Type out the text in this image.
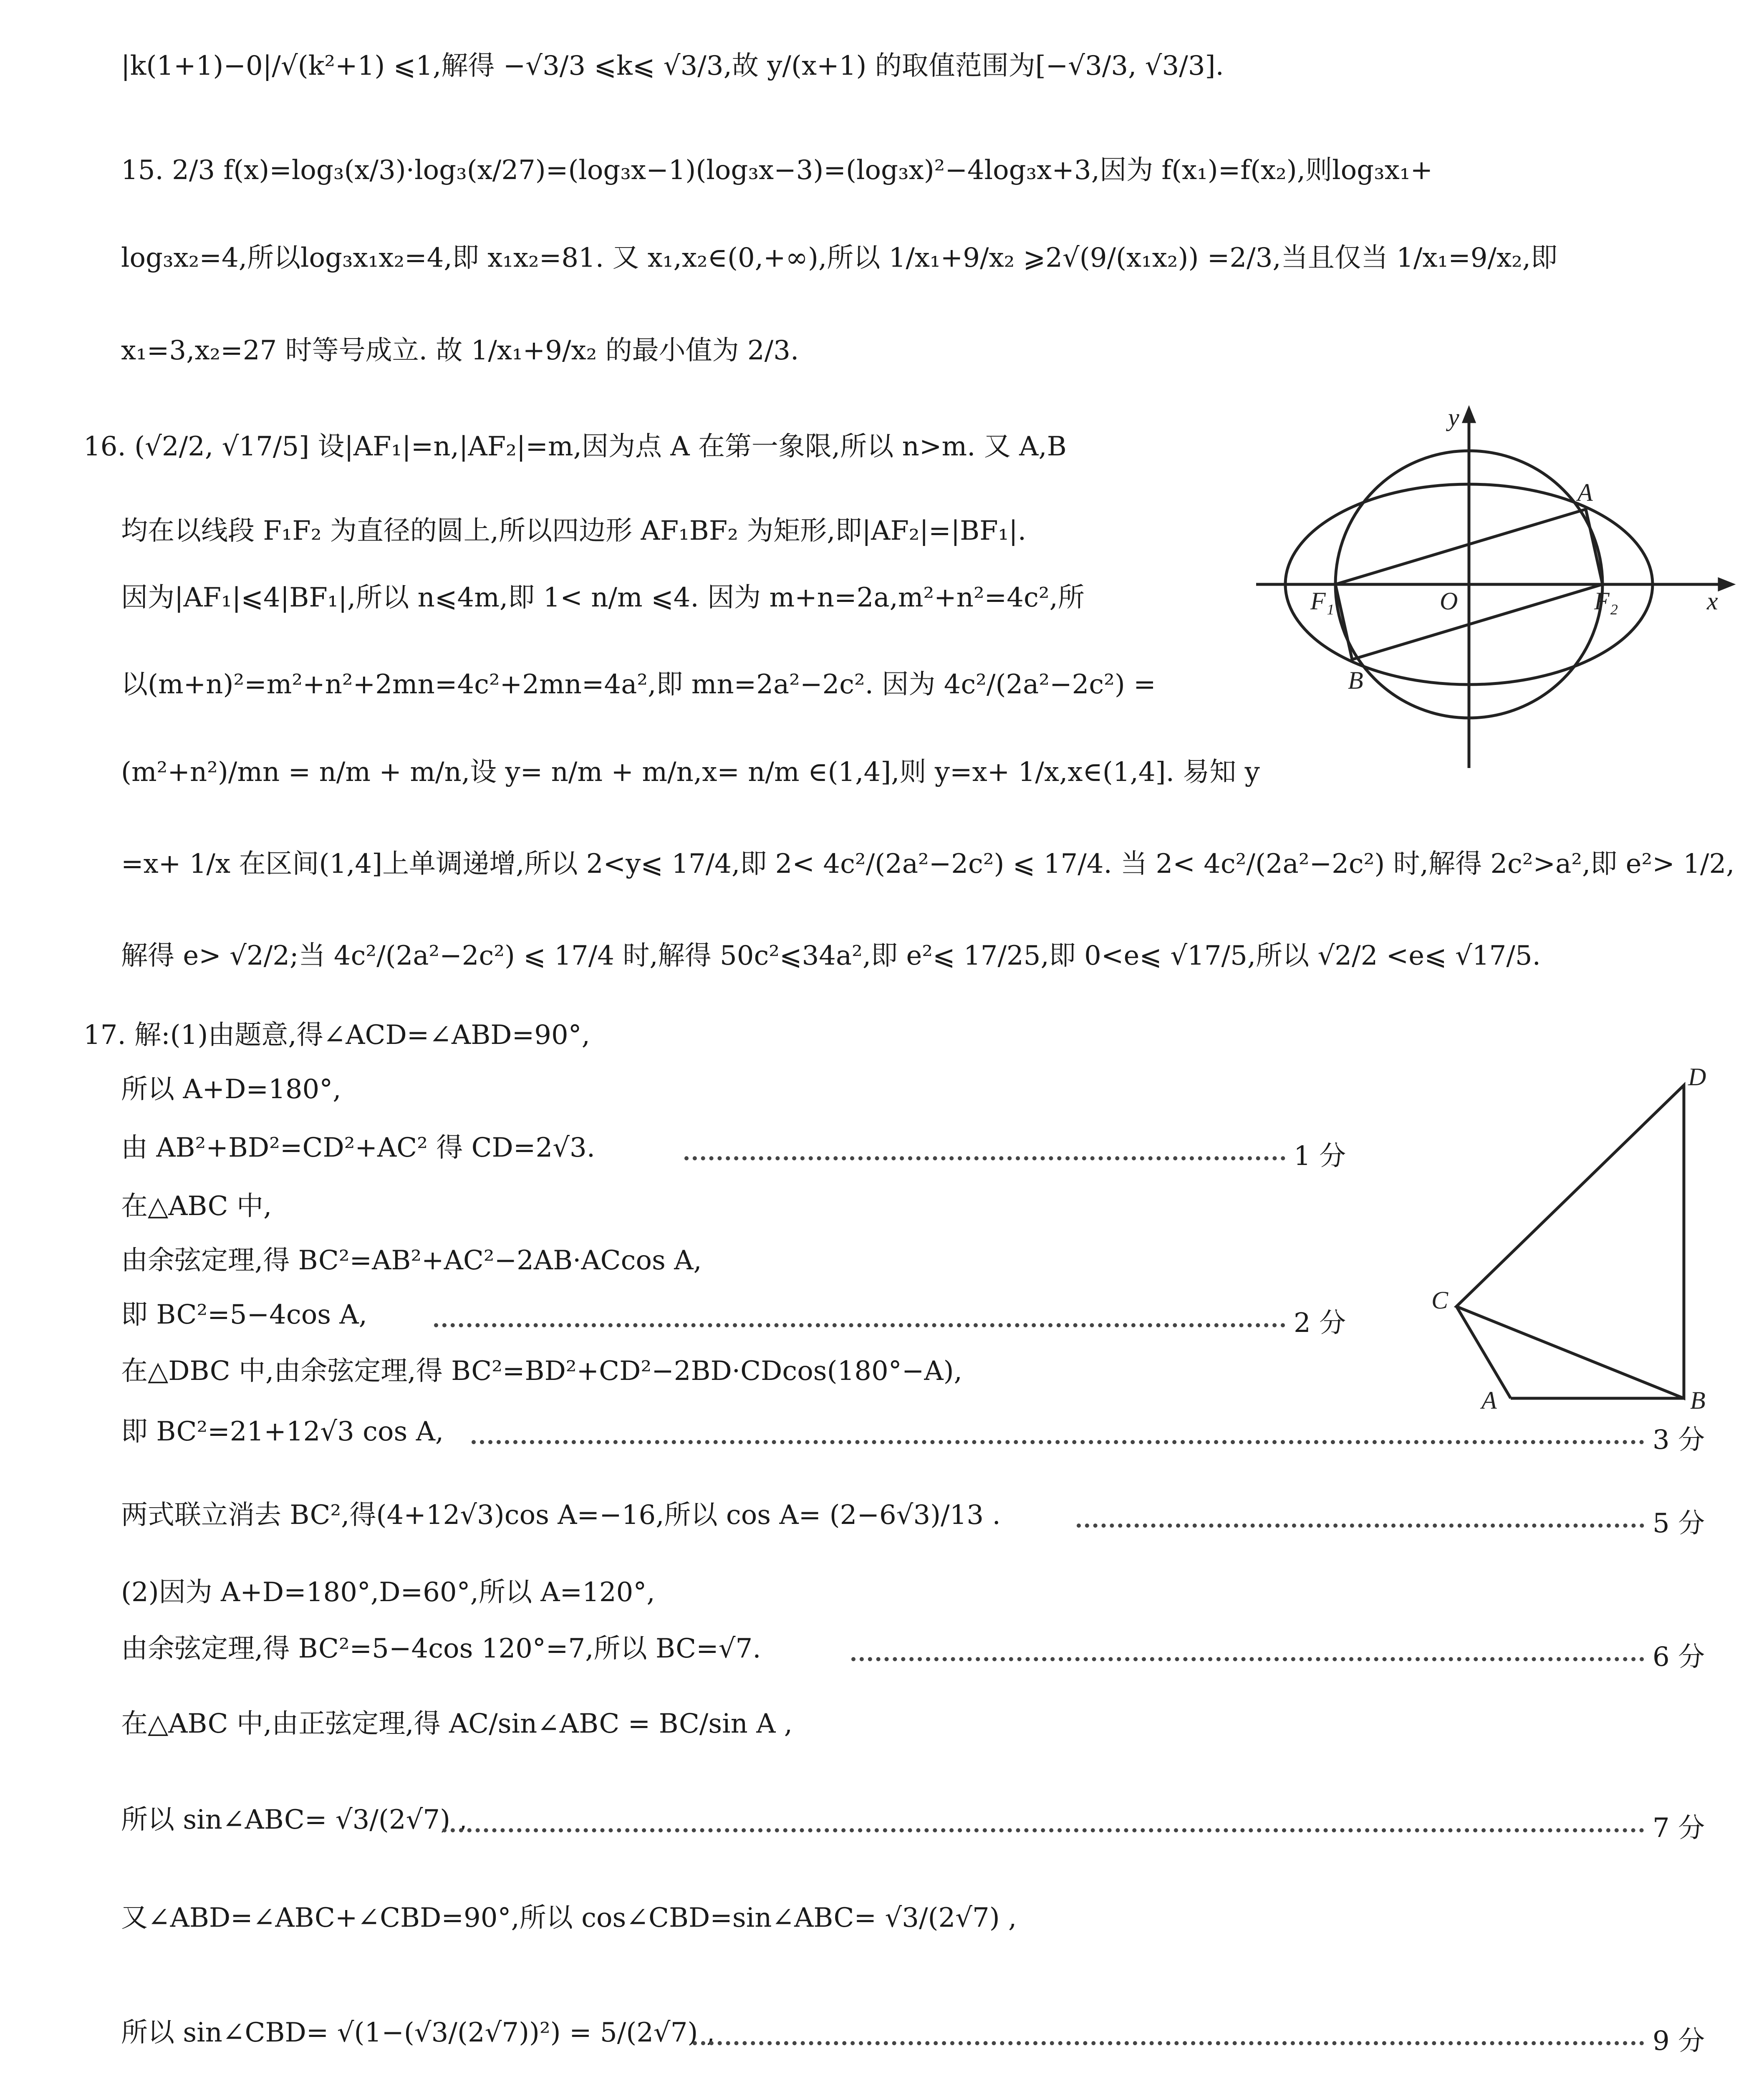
|k(1+1)−0|/√(k²+1) ⩽1,解得 −√3/3 ⩽k⩽ √3/3,故 y/(x+1) 的取值范围为[−√3/3, √3/3].
15. 2/3 f(x)=log₃(x/3)·log₃(x/27)=(log₃x−1)(log₃x−3)=(log₃x)²−4log₃x+3,因为 f(x₁)=f(x₂),则log₃x₁+
log₃x₂=4,所以log₃x₁x₂=4,即 x₁x₂=81. 又 x₁,x₂∈(0,+∞),所以 1/x₁+9/x₂ ⩾2√(9/(x₁x₂)) =2/3,当且仅当 1/x₁=9/x₂,即
x₁=3,x₂=27 时等号成立. 故 1/x₁+9/x₂ 的最小值为 2/3.
16. (√2/2, √17/5] 设|AF₁|=n,|AF₂|=m,因为点 A 在第一象限,所以 n>m. 又 A,B
均在以线段 F₁F₂ 为直径的圆上,所以四边形 AF₁BF₂ 为矩形,即|AF₂|=|BF₁|.
因为|AF₁|⩽4|BF₁|,所以 n⩽4m,即 1< n/m ⩽4. 因为 m+n=2a,m²+n²=4c²,所
以(m+n)²=m²+n²+2mn=4c²+2mn=4a²,即 mn=2a²−2c². 因为 4c²/(2a²−2c²) =
(m²+n²)/mn = n/m + m/n,设 y= n/m + m/n,x= n/m ∈(1,4],则 y=x+ 1/x,x∈(1,4]. 易知 y
=x+ 1/x 在区间(1,4]上单调递增,所以 2<y⩽ 17/4,即 2< 4c²/(2a²−2c²) ⩽ 17/4. 当 2< 4c²/(2a²−2c²) 时,解得 2c²>a²,即 e²> 1/2,
解得 e> √2/2;当 4c²/(2a²−2c²) ⩽ 17/4 时,解得 50c²⩽34a²,即 e²⩽ 17/25,即 0<e⩽ √17/5,所以 √2/2 <e⩽ √17/5.
17. 解:(1)由题意,得∠ACD=∠ABD=90°,
所以 A+D=180°,
由 AB²+BD²=CD²+AC² 得 CD=2√3.
在△ABC 中,
由余弦定理,得 BC²=AB²+AC²−2AB·ACcos A,
即 BC²=5−4cos A,
在△DBC 中,由余弦定理,得 BC²=BD²+CD²−2BD·CDcos(180°−A),
即 BC²=21+12√3 cos A,
两式联立消去 BC²,得(4+12√3)cos A=−16,所以 cos A= (2−6√3)/13 .
(2)因为 A+D=180°,D=60°,所以 A=120°,
由余弦定理,得 BC²=5−4cos 120°=7,所以 BC=√7.
在△ABC 中,由正弦定理,得 AC/sin∠ABC = BC/sin A ,
所以 sin∠ABC= √3/(2√7) ,
又∠ABD=∠ABC+∠CBD=90°,所以 cos∠CBD=sin∠ABC= √3/(2√7) ,
所以 sin∠CBD= √(1−(√3/(2√7))²) = 5/(2√7) ,
1 分
2 分
3 分
5 分
6 分
7 分
9 分
y
x
O
A
B
F₁	F₂
D
C
A	B
